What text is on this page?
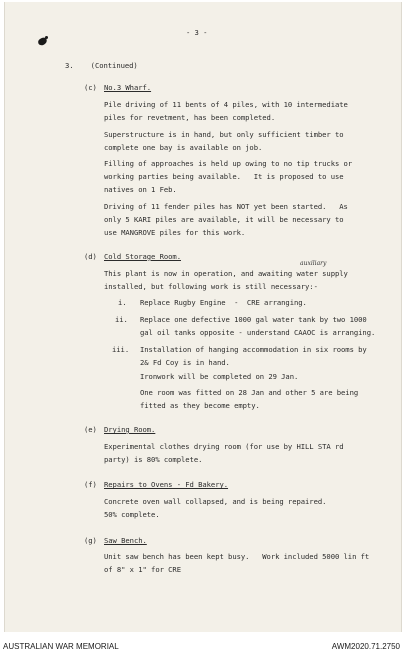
- 3 -
3.    (Continued)
(c) No.3 Wharf.
Pile driving of 11 bents of 4 piles, with 10 intermediate
piles for revetment, has been completed.
Superstructure is in hand, but only sufficient timber to
complete one bay is available on job.
Filling of approaches is held up owing to no tip trucks or
working parties being available.   It is proposed to use
natives on 1 Feb.
Driving of 11 fender piles has NOT yet been started.   As
only 5 KARI piles are available, it will be necessary to
use MANGROVE piles for this work.
(d) Cold Storage Room.
auxiliary
This plant is now in operation, and awaiting water supply
installed, but following work is still necessary:-
i. Replace Rugby Engine  -  CRE arranging.
ii. Replace one defective 1000 gal water tank by two 1000
gal oil tanks opposite - understand CAAOC is arranging.
iii. Installation of hanging accommodation in six rooms by
2& Fd Coy is in hand.
Ironwork will be completed on 29 Jan.
One room was fitted on 28 Jan and other 5 are being
fitted as they become empty.
(e) Drying Room.
Experimental clothes drying room (for use by HILL STA rd
party) is 80% complete.
(f) Repairs to Ovens - Fd Bakery.
Concrete oven wall collapsed, and is being repaired.
50% complete.
(g) Saw Bench.
Unit saw bench has been kept busy.   Work included 5000 lin ft
of 8" x 1" for CRE
AUSTRALIAN WAR MEMORIAL	AWM2020.71.2750
